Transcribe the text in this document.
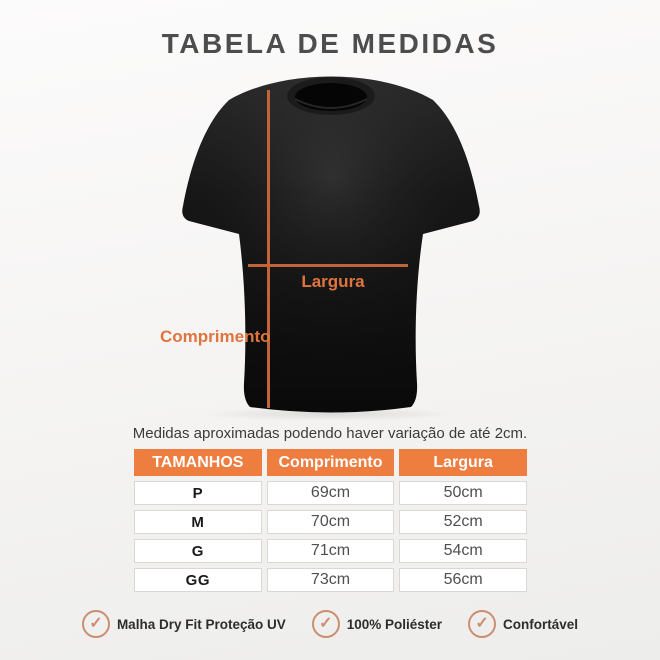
TABELA DE MEDIDAS
Largura
Comprimento
Medidas aproximadas podendo haver variação de até 2cm.
TAMANHOS	Comprimento	Largura
P	69cm	50cm
M	70cm	52cm
G	71cm	54cm
GG	73cm	56cm
✓	Malha Dry Fit Proteção UV	✓	100% Poliéster	✓	Confortável
